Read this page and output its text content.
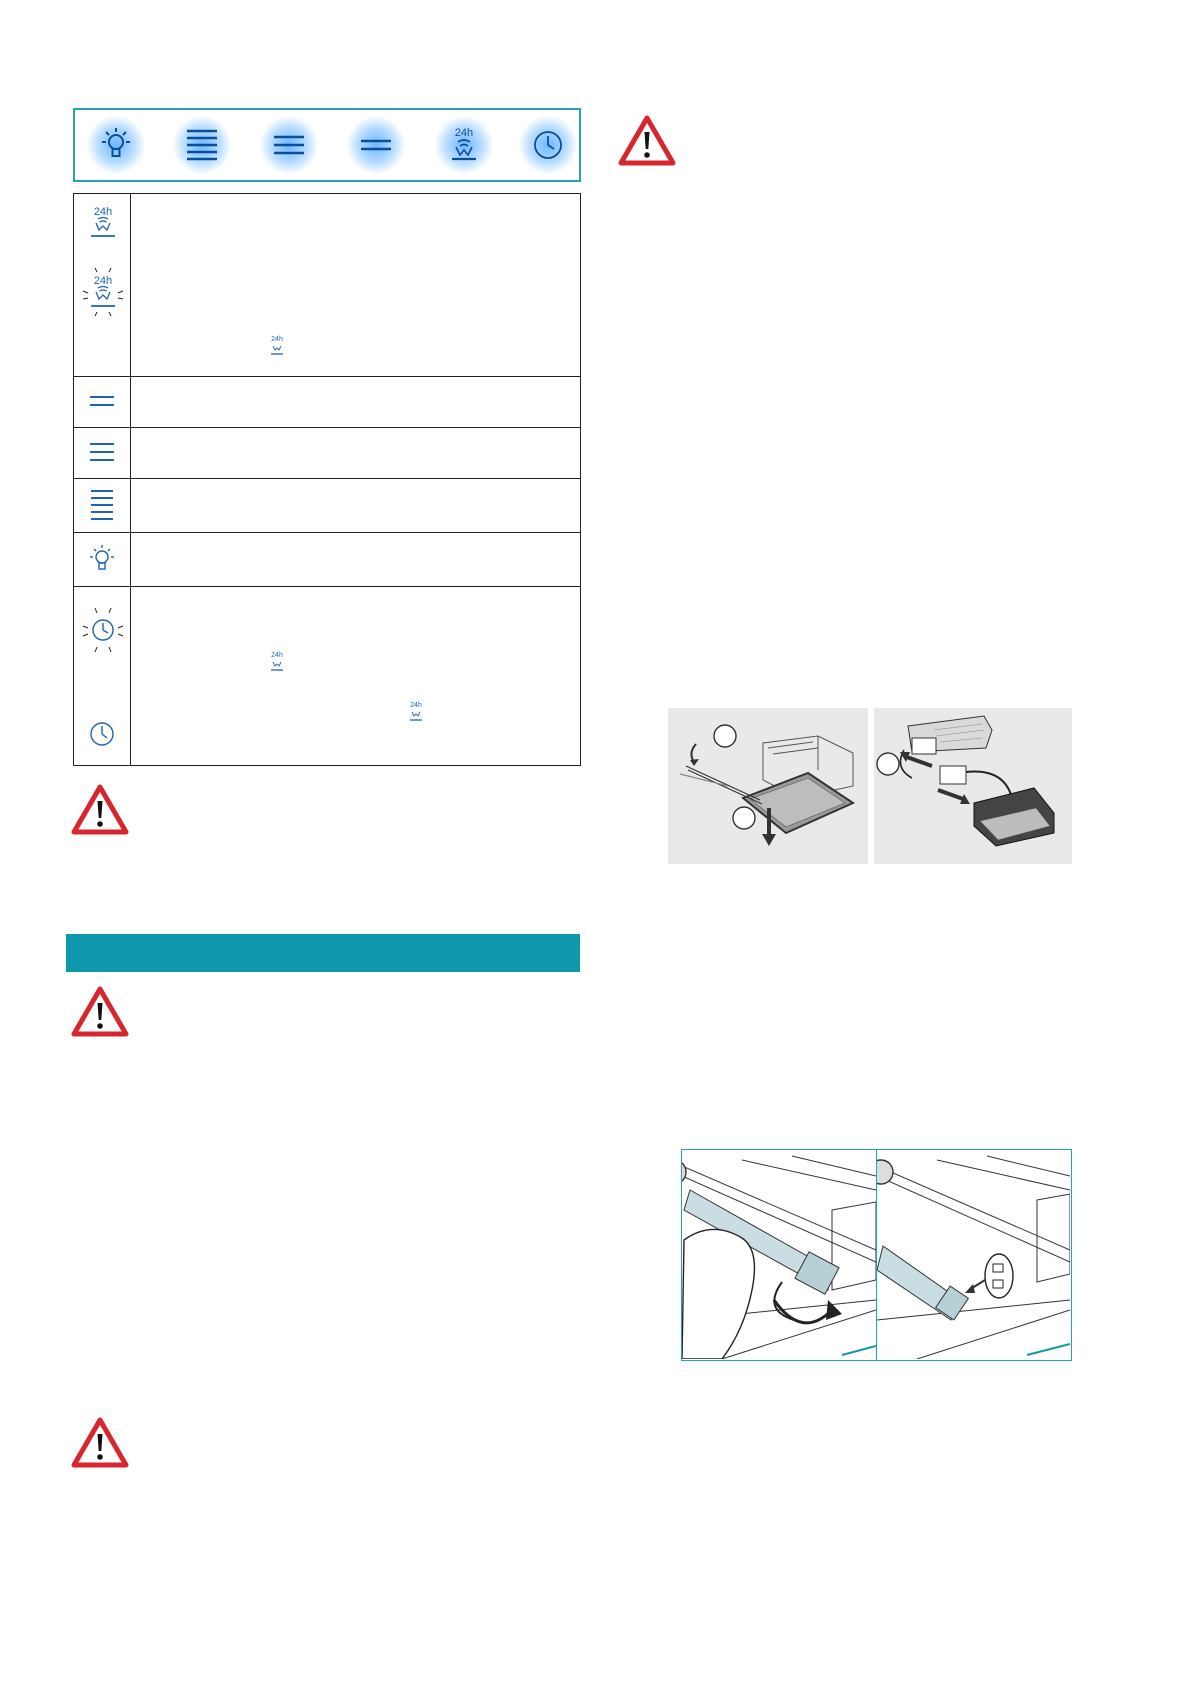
24h
24h
24h
24h
24h
24h
